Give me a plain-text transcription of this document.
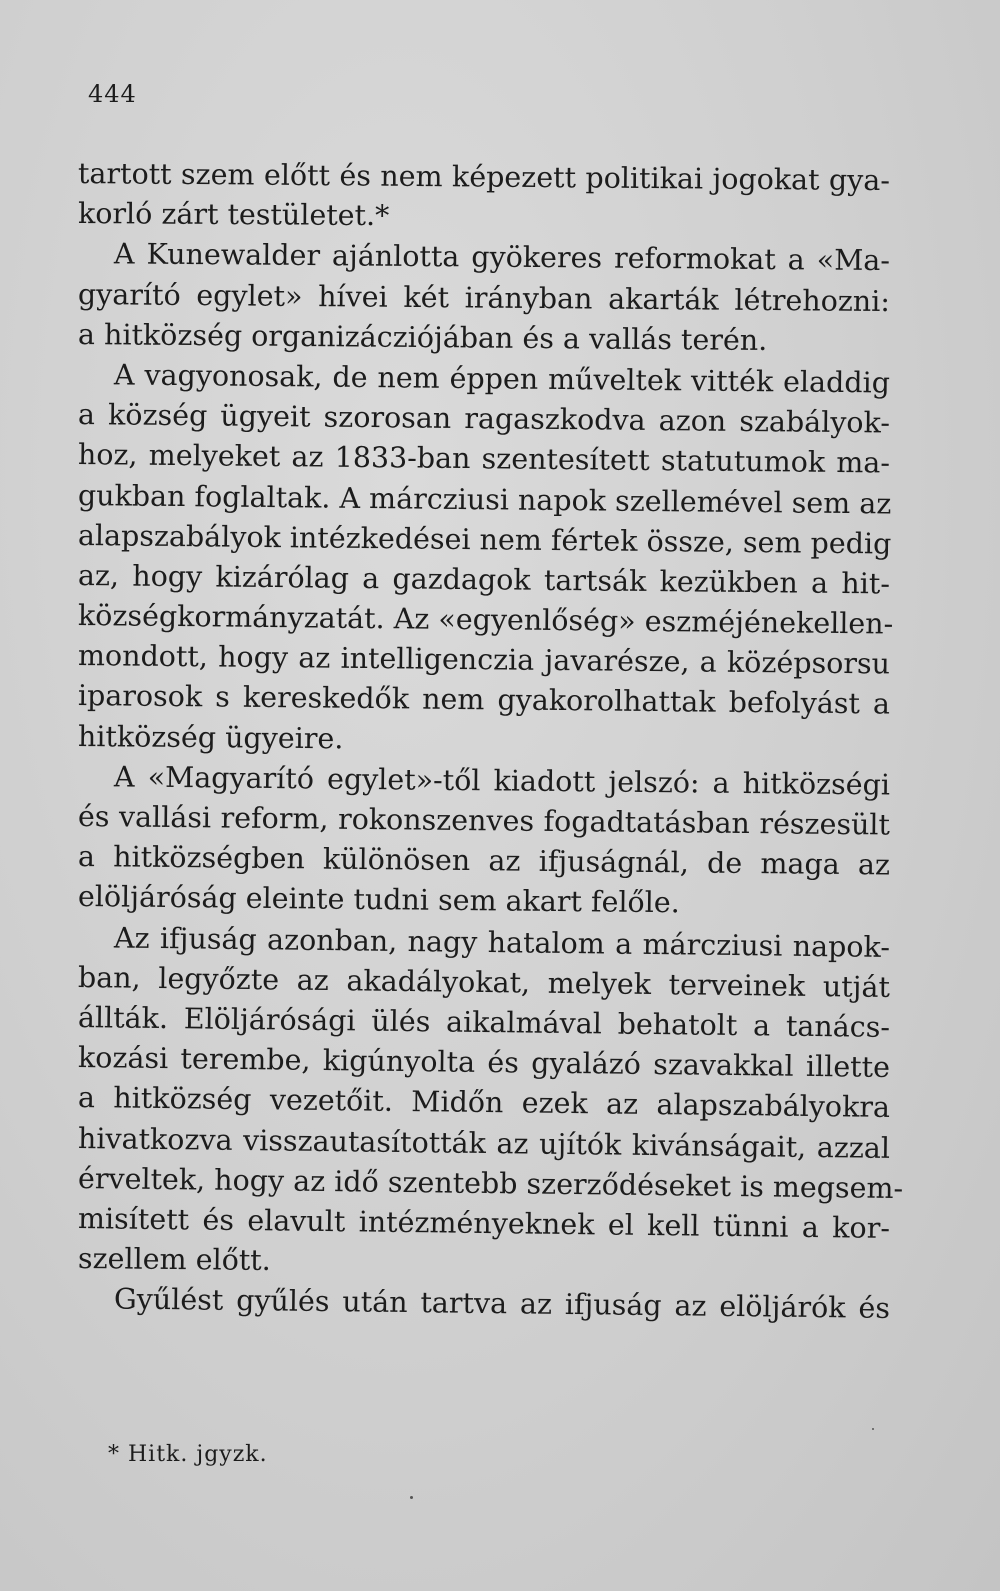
444
tartott szem előtt és nem képezett politikai jogokat gya-
korló zárt testületet.*
A Kunewalder ajánlotta gyökeres reformokat a «Ma-
gyarító egylet» hívei két irányban akarták létrehozni:
a hitközség organizácziójában és a vallás terén.
A vagyonosak, de nem éppen műveltek vitték eladdig
a község ügyeit szorosan ragaszkodva azon szabályok-
hoz, melyeket az 1833-ban szentesített statutumok ma-
gukban foglaltak. A márcziusi napok szellemével sem az
alapszabályok intézkedései nem fértek össze, sem pedig
az, hogy kizárólag a gazdagok tartsák kezükben a hit-
községkormányzatát. Az «egyenlőség» eszméjénekellen-
mondott, hogy az intelligenczia javarésze, a középsorsu
iparosok s kereskedők nem gyakorolhattak befolyást a
hitközség ügyeire.
A «Magyarító egylet»-től kiadott jelszó: a hitközségi
és vallási reform, rokonszenves fogadtatásban részesült
a hitközségben különösen az ifjuságnál, de maga az
elöljáróság eleinte tudni sem akart felőle.
Az ifjuság azonban, nagy hatalom a márcziusi napok-
ban, legyőzte az akadályokat, melyek terveinek utját
állták. Elöljárósági ülés aikalmával behatolt a tanács-
kozási terembe, kigúnyolta és gyalázó szavakkal illette
a hitközség vezetőit. Midőn ezek az alapszabályokra
hivatkozva visszautasították az ujítók kivánságait, azzal
érveltek, hogy az idő szentebb szerződéseket is megsem-
misített és elavult intézményeknek el kell tünni a kor-
szellem előtt.
Gyűlést gyűlés után tartva az ifjuság az elöljárók és
* Hitk. jgyzk.
